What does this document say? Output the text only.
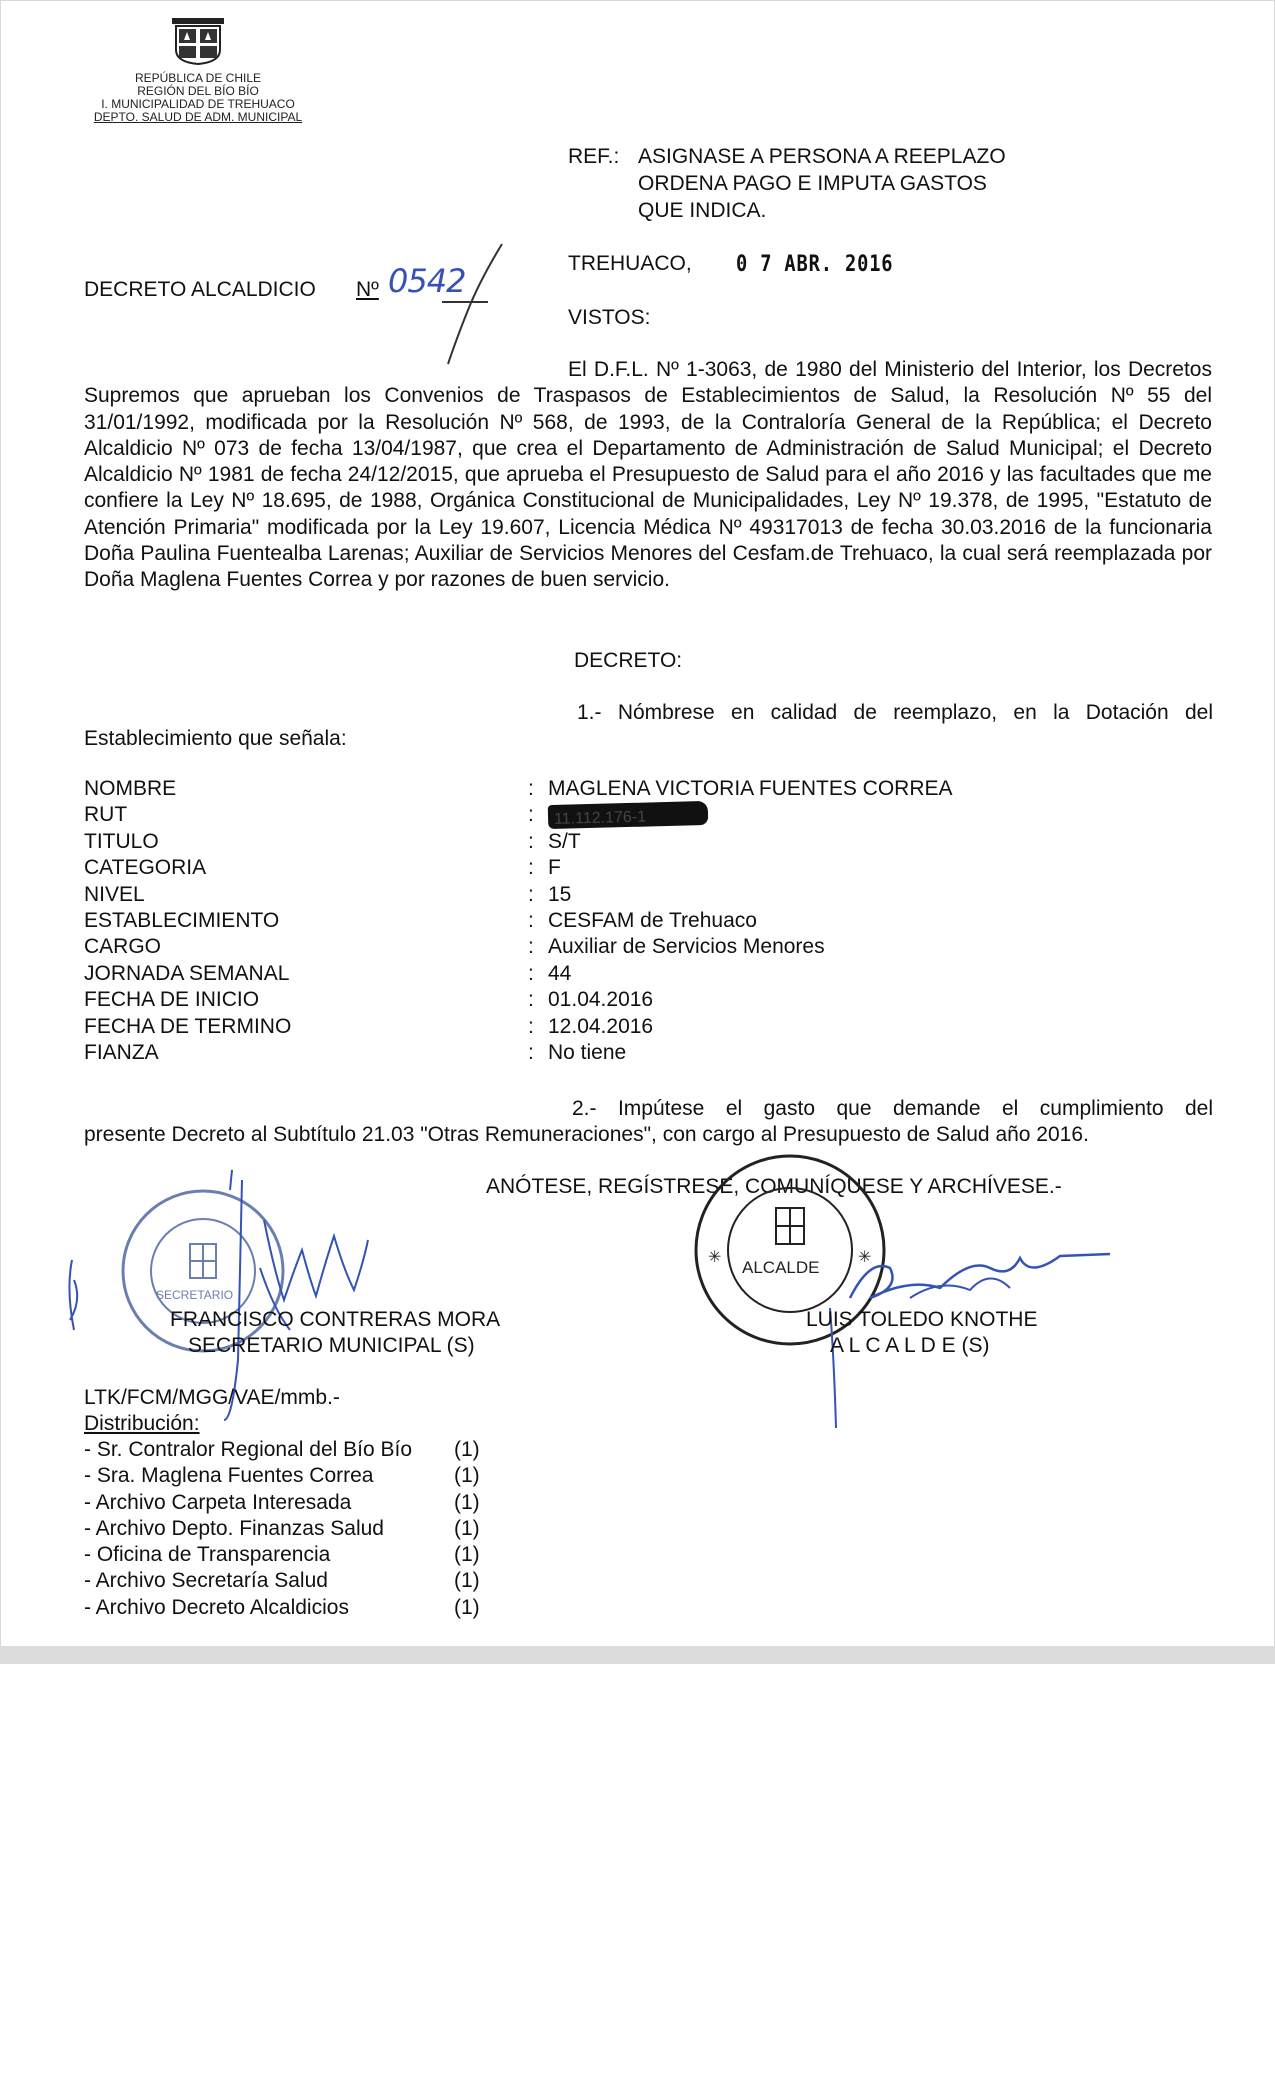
REPÚBLICA DE CHILE
REGIÓN DEL BÍO BÍO
I. MUNICIPALIDAD DE TREHUACO
DEPTO. SALUD DE ADM. MUNICIPAL
REF.: ASIGNASE A PERSONA A REEPLAZO
ORDENA PAGO E IMPUTA GASTOS
QUE INDICA.
DECRETO ALCALDICIO Nº 0542	TREHUACO, 0 7 ABR. 2016
VISTOS:
El D.F.L. Nº 1-3063, de 1980 del Ministerio del Interior, los Decretos Supremos que aprueban los Convenios de Traspasos de Establecimientos de Salud, la Resolución Nº 55 del 31/01/1992, modificada por la Resolución Nº 568, de 1993, de la Contraloría General de la República; el Decreto Alcaldicio Nº 073 de fecha 13/04/1987, que crea el Departamento de Administración de Salud Municipal; el Decreto Alcaldicio Nº 1981 de fecha 24/12/2015, que aprueba el Presupuesto de Salud para el año 2016 y las facultades que me confiere la Ley Nº 18.695, de 1988, Orgánica Constitucional de Municipalidades, Ley Nº 19.378, de 1995, "Estatuto de Atención Primaria" modificada por la Ley 19.607, Licencia Médica Nº 49317013 de fecha 30.03.2016 de la funcionaria Doña Paulina Fuentealba Larenas; Auxiliar de Servicios Menores del Cesfam.de Trehuaco, la cual será reemplazada por Doña Maglena Fuentes Correa y por razones de buen servicio.
DECRETO:
1.- Nómbrese en calidad de reemplazo, en la Dotación del
Establecimiento que señala:
NOMBRE	: MAGLENA VICTORIA FUENTES CORREA
RUT	:	11.112.176-1
TITULO	: S/T
CATEGORIA	: F
NIVEL	: 15
ESTABLECIMIENTO	: CESFAM de Trehuaco
CARGO	: Auxiliar de Servicios Menores
JORNADA SEMANAL	: 44
FECHA DE INICIO	: 01.04.2016
FECHA DE TERMINO	: 12.04.2016
FIANZA	: No tiene
2.- Impútese el gasto que demande el cumplimiento del
presente Decreto al Subtítulo 21.03 "Otras Remuneraciones", con cargo al Presupuesto de Salud año 2016.
ANÓTESE, REGÍSTRESE, COMUNÍQUESE Y ARCHÍVESE.-
SECRETARIO
✳	✳
ALCALDE
FRANCISCO CONTRERAS MORA
SECRETARIO MUNICIPAL (S)
LUIS TOLEDO KNOTHE
A L C A L D E (S)
LTK/FCM/MGG/VAE/mmb.-
Distribución:
- Sr. Contralor Regional del Bío Bío	(1)
- Sra. Maglena Fuentes Correa	(1)
- Archivo Carpeta Interesada	(1)
- Archivo Depto. Finanzas Salud	(1)
- Oficina de Transparencia	(1)
- Archivo Secretaría Salud	(1)
- Archivo Decreto Alcaldicios	(1)
